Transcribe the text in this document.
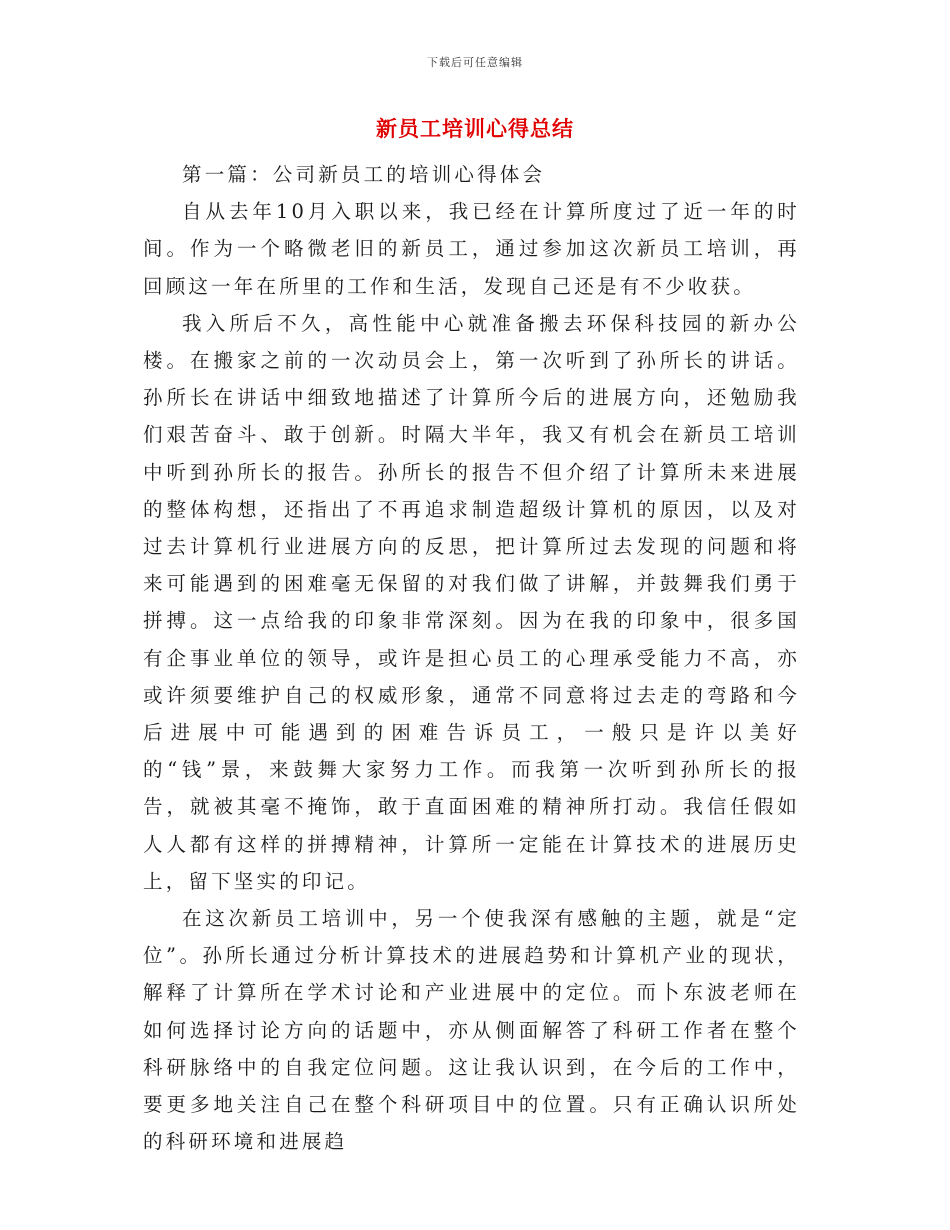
下载后可任意编辑
新员工培训心得总结

第一篇：公司新员工的培训心得体会

自从去年10月入职以来，我已经在计算所度过了近一年的时间。作为一个略微老旧的新员工，通过参加这次新员工培训，再回顾这一年在所里的工作和生活，发现自己还是有不少收获。

我入所后不久，高性能中心就准备搬去环保科技园的新办公楼。在搬家之前的一次动员会上，第一次听到了孙所长的讲话。孙所长在讲话中细致地描述了计算所今后的进展方向，还勉励我们艰苦奋斗、敢于创新。时隔大半年，我又有机会在新员工培训中听到孙所长的报告。孙所长的报告不但介绍了计算所未来进展的整体构想，还指出了不再追求制造超级计算机的原因，以及对过去计算机行业进展方向的反思，把计算所过去发现的问题和将来可能遇到的困难毫无保留的对我们做了讲解，并鼓舞我们勇于拼搏。这一点给我的印象非常深刻。因为在我的印象中，很多国有企事业单位的领导，或许是担心员工的心理承受能力不高，亦或许须要维护自己的权威形象，通常不同意将过去走的弯路和今后进展中可能遇到的困难告诉员工，一般只是许以美好的“钱”景，来鼓舞大家努力工作。而我第一次听到孙所长的报告，就被其毫不掩饰，敢于直面困难的精神所打动。我信任假如人人都有这样的拼搏精神，计算所一定能在计算技术的进展历史上，留下坚实的印记。

在这次新员工培训中，另一个使我深有感触的主题，就是“定位”。孙所长通过分析计算技术的进展趋势和计算机产业的现状，解释了计算所在学术讨论和产业进展中的定位。而卜东波老师在如何选择讨论方向的话题中，亦从侧面解答了科研工作者在整个科研脉络中的自我定位问题。这让我认识到，在今后的工作中，要更多地关注自己在整个科研项目中的位置。只有正确认识所处的科研环境和进展趋
